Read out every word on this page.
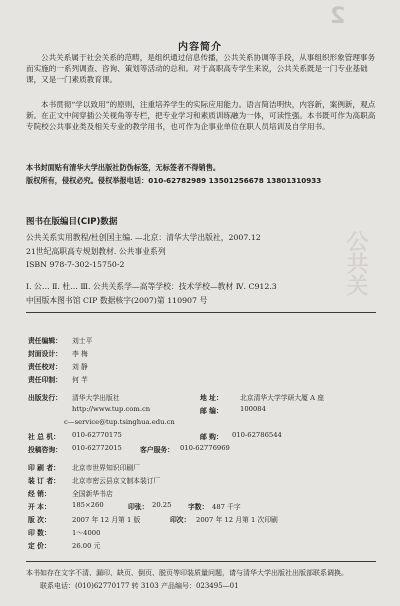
2
公共关
内容简介
公共关系属于社会关系的范畴，是组织通过信息传播，公共关系协调等手段，从事组织形象管理事务而实施的一系列调查、咨询、策划等活动的总和。对于高职高专学生来说，公共关系既是一门专业基础课，又是一门素质教育课。
本书贯彻“学以致用”的原则，注重培养学生的实际应用能力。语言简洁明快，内容新，案例新，观点新。在正文中间穿插公关视角等专栏，把专业学习和素质训练融为一体，可读性强。本书既可作为高职高专院校公共事业类及相关专业的教学用书，也可作为企事业单位在职人员培训及自学用书。
本书封面贴有清华大学出版社防伪标签，无标签者不得销售。
版权所有，侵权必究。侵权举报电话：010-62782989 13501256678 13801310933
图书在版编目(CIP)数据
公共关系实用教程/杜创国主编. —北京：清华大学出版社，2007.12
21世纪高职高专规划教材. 公共事业系列
ISBN 978-7-302-15750-2
Ⅰ. 公… Ⅱ. 杜… Ⅲ. 公共关系学—高等学校：技术学校—教材 Ⅳ. C912.3
中国版本图书馆 CIP 数据核字(2007)第 110907 号
责任编辑： 刘士平
封面设计： 李 梅
责任校对： 刘 静
责任印制： 何 芊
出版发行： 清华大学出版社	地 址：	北京清华大学学研大厦 A 座
http://www.tup.com.cn	邮 编：	100084
c—service@tup.tsinghua.edu.cn
社 总 机： 010-62770175	邮 购： 010-62786544
投稿咨询： 010-62772015	客户服务： 010-62776969
印 刷 者： 北京市世界知识印刷厂
装 订 者： 北京市密云县京文制本装订厂
经 销：	全国新华书店
开 本：	185×260	印张： 20.25 字数： 487 千字
版 次：	2007 年 12 月第 1 版	印次： 2007 年 12 月第 1 次印刷
印 数：	1～4000
定 价：	26.00 元
本书如存在文字不清、漏印、缺页、倒页、脱页等印装质量问题，请与清华大学出版社出版部联系调换。
联系电话：(010)62770177 转 3103 产品编号：023495—01
